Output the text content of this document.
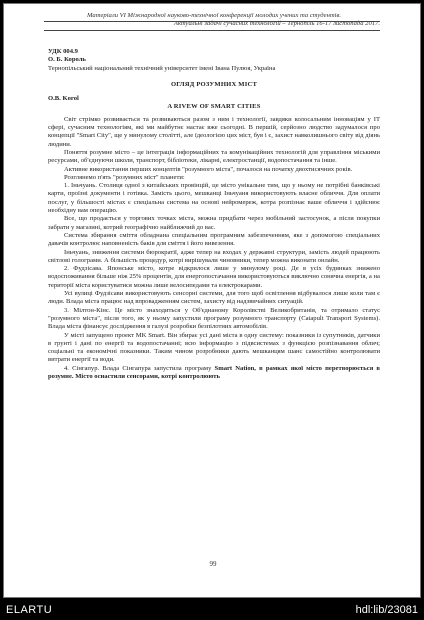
Матеріали VI Міжнародної науково-технічної конференції молодих учених та студентів.
Актуальні задачі сучасних технологій – Тернопіль 16-17 листопада 2017.
УДК 004.9
О. Б. Король
Тернопільський національний технічний університет імені Івана Пулюя, Україна
ОГЛЯД РОЗУМНИХ МІСТ
O.B. Korol
A RIVEW OF SMART CITIES

Світ стрімко розвивається та розвиваються разом з ним і технології, завдяки колосальним інноваціям у ІТ сфері, сучасним технологіям, які ми майбутнє настає вже сьогодні. В першій, серйозно людство задумалося про концепції "Smart City", ще у минулому столітті, але їдеологією цих міст, був і є, захист навколишнього світу від діянь людини.

Поняття розумне місто – це інтеграція інформаційних та комунікаційних технологій для управління міськими ресурсами, об'єднуючи школи, транспорт, бібліотеки, лікарні, електростанції, водопостачання та інше.

Активне використання перших концептів "розумного міста", почалося на початку двохтисячних років.

Розглянемо п'ять "розумних міст" планети:

1. Іньчуань. Столиця одної з китайських провінцій, це місто унікальне тим, що у ньому не потрібні банківські карти, проїзні документи і готівка. Замість цього, мешканці Іньчуаня використовують власне обличчя. Для оплати послуг, у більшості містах є спеціальна система на основі нейромереж, котра розпізнає ваше обличчя і здійснює необхідну вам операцію.

Все, що продається у торгових точках міста, можна придбати через мобільний застосунок, а після покупки забрати у магазині, котрий географічно найближчий до вас.

Система збирання сміття обладнана спеціальним програмним забезпеченням, яке з допомогою спеціальних давачів контролює наповненість баків для сміття і його вивезення.

Іньчуань, зниження системи бюрократії, адже тепер на входах у державні структури, замість людей працюють світлові голограми. А більшість процедур, котрі вирішували чиновники, тепер можна виконати онлайн.

2. Фудзісава. Японське місто, котре відкрилося лише у минулому році. Де в усіх будинках знижено водоспоживання більше ніж 25% процентів, для енергопостачання використовуються виключно сонячна енергія, а на території міста користуватися можна лише велосипедами та електрокарами.

Усі вулиці Фудзісави використовують сенсорні системи, для того щоб освітлення відбувалося лише коли там є люди. Влада міста працює над впровадженням систем, захисту від надзвичайних ситуацій.

3. Мілтон-Кінс. Це місто знаходиться у Об'єднаному Королівстві Великобританія, та отримало статус "розумного міста", після того, як у ньому запустили програму розумного транспорту (Catapult Transport Systems). Влада міста фінансує дослідження в галузі розробки безпілотних автомобілів.

У місті запущено проект MK Smart. Він збирає усі дані міста в одну систему: показники із супутників, датчики в грунті і дані по енергії та водопостачанні; всю інформацію з підвсистемах з функцією розпізнавання облич; соціальні та економічні показники. Таким чином розробники дають мешканцям шанс самостійно контролювати витрати енергії та води.

4. Сінгапур. Влада Сінгапура запустила програму Smart Nation, в рамках якої місто перетворюється в розумне. Місто оснастили сенсорами, котрі контролюють

99
ELARTU	hdl:lib/23081
